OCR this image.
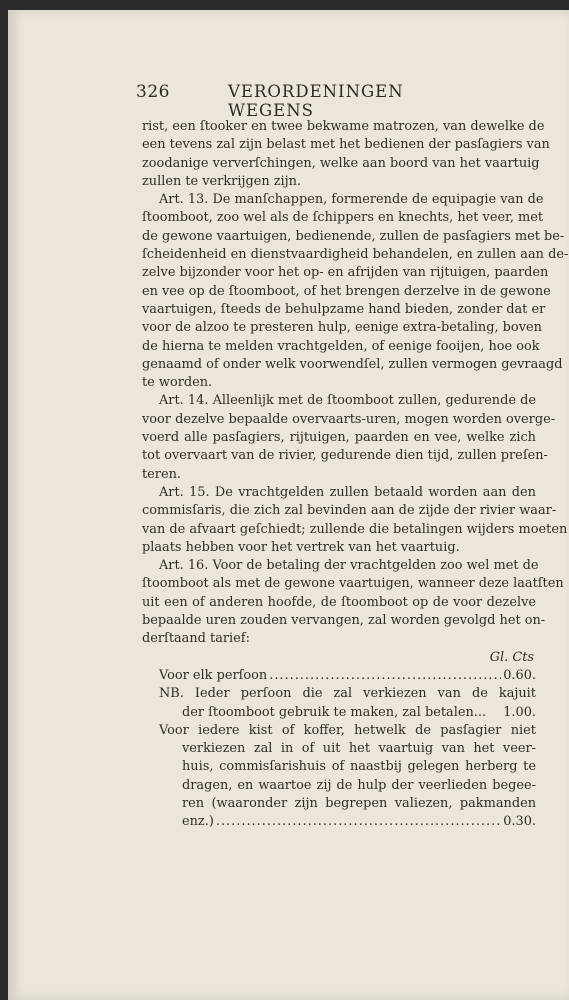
326	VERORDENINGEN WEGENS
rist, een ſtooker en twee bekwame matrozen, van dewelke de
een tevens zal zijn belast met het bedienen der pasſagiers van
zoodanige ververſchingen, welke aan boord van het vaartuig
zullen te verkrijgen zijn.
Art. 13. De manſchappen, formerende de equipagie van de
ſtoomboot, zoo wel als de ſchippers en knechts, het veer, met
de gewone vaartuigen, bedienende, zullen de pasſagiers met be-
ſcheidenheid en dienstvaardigheid behandelen, en zullen aan de-
zelve bijzonder voor het op- en afrijden van rijtuigen, paarden
en vee op de ſtoomboot, of het brengen derzelve in de gewone
vaartuigen, ſteeds de behulpzame hand bieden, zonder dat er
voor de alzoo te presteren hulp, eenige extra-betaling, boven
de hierna te melden vrachtgelden, of eenige fooijen, hoe ook
genaamd of onder welk voorwendſel, zullen vermogen gevraagd
te worden.
Art. 14. Alleenlijk met de ſtoomboot zullen, gedurende de
voor dezelve bepaalde overvaarts-uren, mogen worden overge-
voerd alle pasſagiers, rijtuigen, paarden en vee, welke zich
tot overvaart van de rivier, gedurende dien tijd, zullen preſen-
teren.
Art. 15. De vrachtgelden zullen betaald worden aan den
commisſaris, die zich zal bevinden aan de zijde der rivier waar-
van de afvaart geſchiedt; zullende die betalingen wijders moeten
plaats hebben voor het vertrek van het vaartuig.
Art. 16. Voor de betaling der vrachtgelden zoo wel met de
ſtoomboot als met de gewone vaartuigen, wanneer deze laatſten
uit een of anderen hoofde, de ſtoomboot op de voor dezelve
bepaalde uren zouden vervangen, zal worden gevolgd het on-
derſtaand tarief:
Gl. Cts
Voor elk perſoon .....	0.60.
NB. Ieder perſoon die zal verkiezen van de kajuit
der ſtoomboot gebruik te maken, zal betalen... 1.00.
Voor iedere kist of koffer, hetwelk de pasſagier niet
verkiezen zal in of uit het vaartuig van het veer-
huis, commisſarishuis of naastbij gelegen herberg te
dragen, en waartoe zij de hulp der veerlieden begee-
ren (waaronder zijn begrepen valiezen, pakmanden
enz.) .....	0.30.
